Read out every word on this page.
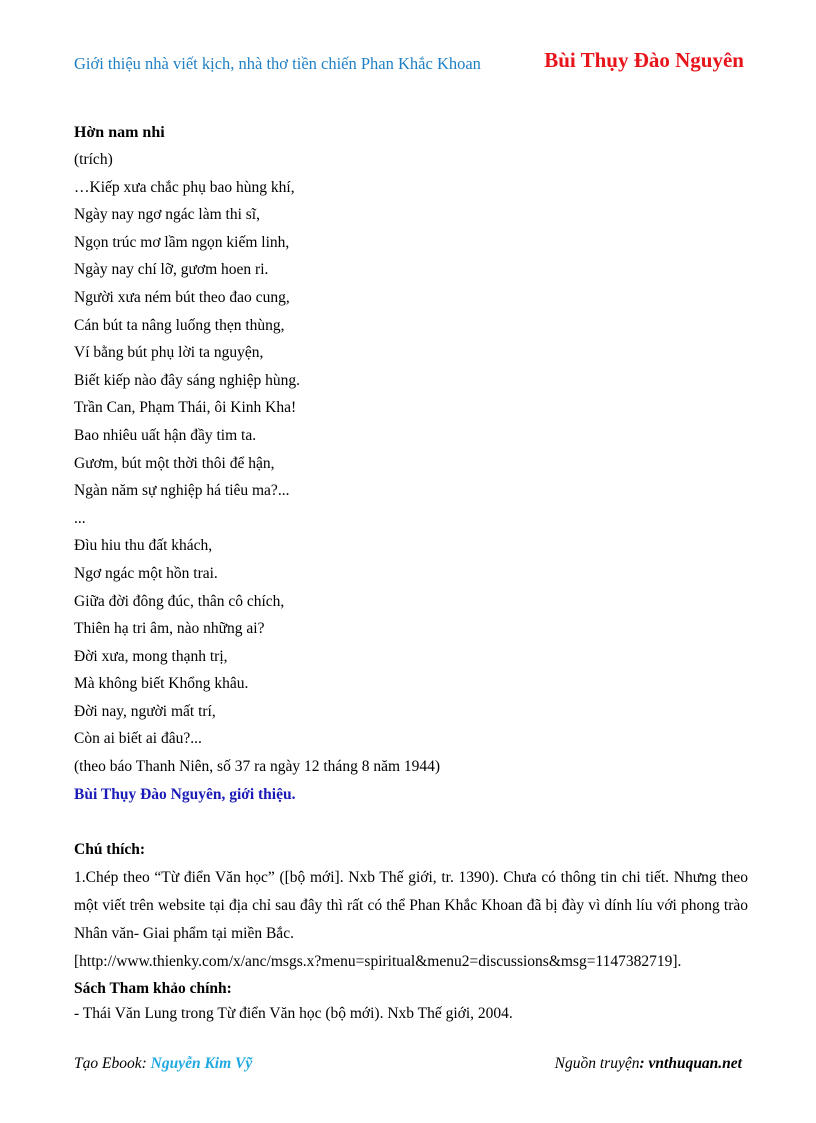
Giới thiệu nhà viết kịch, nhà thơ tiền chiến Phan Khắc Khoan	Bùi Thụy Đào Nguyên
Hờn nam nhi
(trích)
…Kiếp xưa chắc phụ bao hùng khí,
Ngày nay ngơ ngác làm thi sĩ,
Ngọn trúc mơ lầm ngọn kiếm linh,
Ngày nay chí lỡ, gươm hoen ri.
Người xưa ném bút theo đao cung,
Cán bút ta nâng luống thẹn thùng,
Ví bằng bút phụ lời ta nguyện,
Biết kiếp nào đây sáng nghiệp hùng.
Trần Can, Phạm Thái, ôi Kinh Kha!
Bao nhiêu uất hận đầy tim ta.
Gươm, bút một thời thôi để hận,
Ngàn năm sự nghiệp há tiêu ma?...
...
Đìu hiu thu đất khách,
Ngơ ngác một hồn trai.
Giữa đời đông đúc, thân cô chích,
Thiên hạ tri âm, nào những ai?
Đời xưa, mong thạnh trị,
Mà không biết Khổng khâu.
Đời nay, người mất trí,
Còn ai biết ai đâu?...
(theo báo Thanh Niên, số 37 ra ngày 12 tháng 8 năm 1944)
Bùi Thụy Đào Nguyên, giới thiệu.
Chú thích:

1.Chép theo “Từ điển Văn học” ([bộ mới]. Nxb Thế giới, tr. 1390). Chưa có thông tin chi tiết. Nhưng theo một viết trên website tại địa chỉ sau đây thì rất có thể Phan Khắc Khoan đã bị đày vì dính líu với phong trào Nhân văn- Giai phẩm tại miền Bắc.

[http://www.thienky.com/x/anc/msgs.x?menu=spiritual&menu2=discussions&msg=1147382719].

Sách Tham khảo chính:
- Thái Văn Lung trong Từ điển Văn học (bộ mới). Nxb Thế giới, 2004.
Tạo Ebook: Nguyễn Kim Vỹ	Nguồn truyện: vnthuquan.net
